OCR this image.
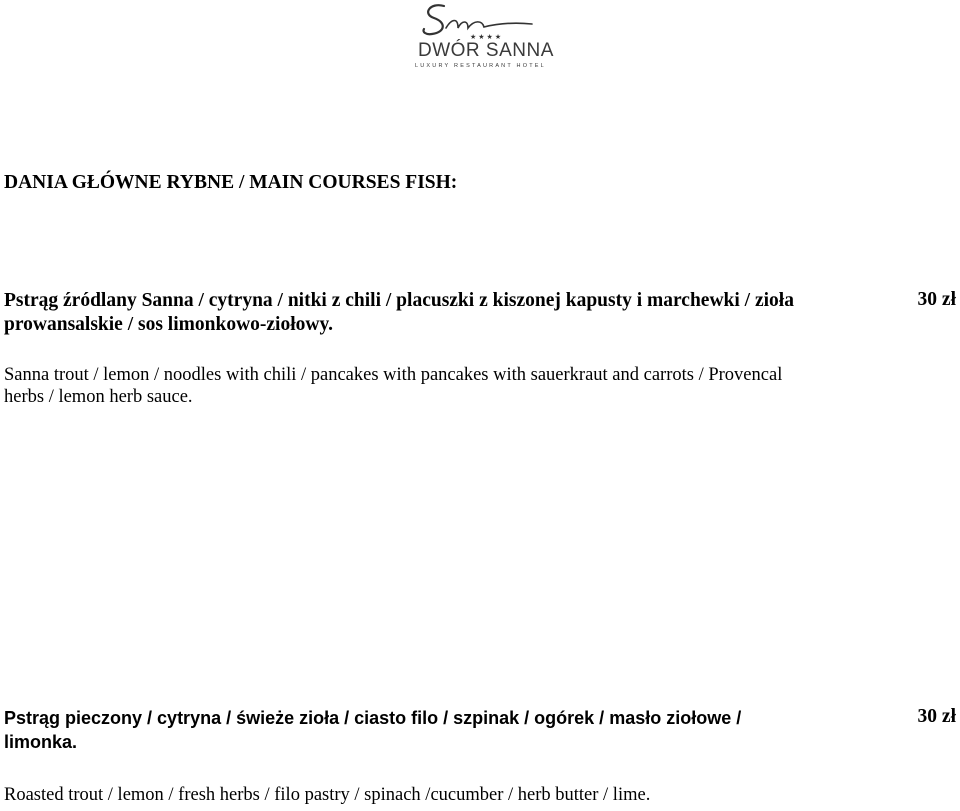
★★★★
DWÓR SANNA
LUXURY RESTAURANT HOTEL
DANIA GŁÓWNE RYBNE / MAIN COURSES FISH:

Pstrąg źródlany Sanna / cytryna / nitki z chili / placuszki z kiszonej kapusty i marchewki / zioła prowansalskie / sos limonkowo-ziołowy.

Sanna trout / lemon / noodles with chili / pancakes with pancakes with sauerkraut and carrots / Provencal herbs / lemon herb sauce.

30 zł

Pstrąg pieczony / cytryna / świeże zioła / ciasto filo / szpinak / ogórek / masło ziołowe / limonka.

Roasted trout / lemon / fresh herbs / filo pastry / spinach /cucumber / herb butter / lime.

30 zł
